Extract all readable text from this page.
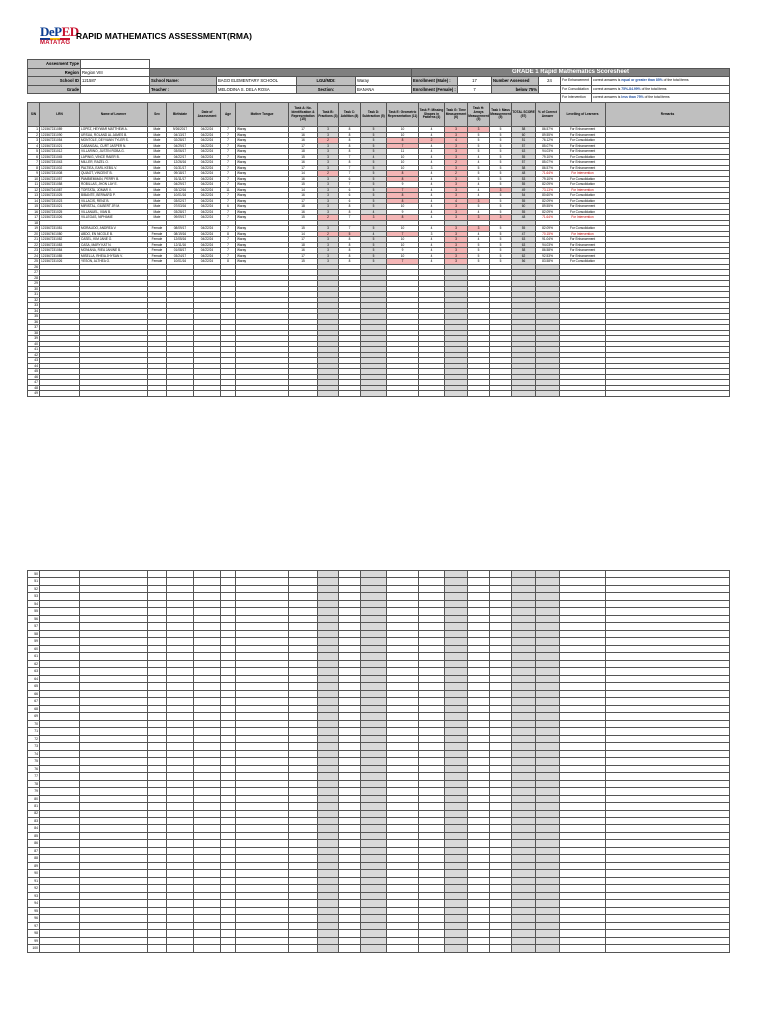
DePED
MATATAG
RAPID MATHEMATICS ASSESSMENT(RMA)
Assesment Type											
Region	Region VIII					GRADE 1 Rapid Mathematics Scoresheet					
School ID	121587	School Name:	BAGO ELEMENTARY SCHOOL	LGU/MDI:	Waray	Enrollment (Male) :	17	Number Assessed	24	For Enhancement	correct answers is equal or greater than 85% of the total items
Grade		Teacher :	MELODINA S. DELA ROSA	Section:	BANANA	Enrollment (Female) :	7	below 75%		For Consolidation	correct answers is 75%-84.99% of the total items
										For Intervention	correct answers is less than 75% of the total items
S/N	LRN	Name of Learner	Sex	Birthdate	Date of Assessment	Age	Mother Tongue	Task A: No. Identification & Representation (15)	Task B: Fractions (3)	Task C: Addition (8)	Task D: Subtraction (5)	Task E: Geometric Representation (11)	Task F: Missing Shapes in Patterns (4)	Task G: Time Measurement (6)	Task H: Arrays Measurement (5)	Task I: Mass Measurement (5)	TOTAL SCORE (57)	% of Correct Answer	Levelling of Learners	Remarks
1	121567231089	LOPEZ, HEYWAR MATTHEW A.	Male	9/26/2017	04/22/24	7	Waray	17	3	8	5	10	4	3	3	5	58	86.57%	For Enhancement	
2	121567231090	URSUA, ROLAND AL JAMES B.	Male	04/13/17	04/22/24	7	Waray	16	3	8	5	10	4	3	5	5	60	89.55%	For Enhancement	
3	121567231054	MONTOLE, DEYVANN TYLER S.	Male	02/28/17	04/22/24	7	Waray	16	2	8	5	8	2	4	5	5	51	76.12%	For Consolidation	
4	121567231021	CABANGAL, CURT JASPER N.	Male	04/29/17	04/22/24	7	Waray	17	3	8	5	7	4	3	5	5	57	85.07%	For Enhancement	
5	121567231012	VILLARINO, JUSTIN ROBA G.	Male	03/06/17	04/22/24	7	Waray	18	3	8	5	11	4	3	5	5	63	94.03%	For Enhancement	
6	121567231045	LAPINIG, VINCE RAIER B.	Male	04/22/17	04/22/24	7	Waray	15	3	7	4	10	4	3	4	5	55	79.10%	For Consolidation	
7	121567231043	MILLER, RAZEL O.	Male	12/26/16	04/22/24	7	Waray	16	3	8	5	10	4	2	4	5	57	85.07%	For Enhancement	
8	121567231002	PALTIEA, EARL KEBIL V.	Male	01/31/17	04/22/24	7	Waray	17	3	7	5	10	3	3	5	5	58	86.57%	For Enhancement	
9	121567231008	QUIAOT, VINCENT B.	Male	09/18/17	04/22/24	7	Waray	14	2	7	5	8	4	2	5	5	48	71.64%	For Intervention	
10	121567231057	PAMBIEMMAN, PERRY B.	Male	01/11/17	04/22/24	7	Waray	16	3	6	5	8	4	3	5	5	53	79.10%	For Consolidation	
11	121567231058	ROBILLAS, JHON LAY E.	Male	04/29/17	04/22/24	7	Waray	15	3	7	5	9	4	3	4	5	55	82.09%	For Consolidation	
12	121567241087	TORTATA, JOMAR V.	Male	03/12/16	04/22/24	11	Waray	14	3	6	5	7	4	3	4	3	49	73.13%	For Intervention	
13	121567231025	BIBANTE, BERNARD P.	Male	10/01/16	04/22/24	7	Waray	16	3	6	5	8	4	3	4	5	54	80.60%	For Consolidation	
14	121567231023	VILLACIS, RENZ B.	Male	03/02/17	04/22/24	7	Waray	17	3	6	5	8	4	4	3	5	55	82.09%	For Consolidation	
15	121567231021	MIRISTAL, GILBERT JR M.	Male	07/03/16	04/22/24	6	Waray	18	3	8	5	10	4	3	5	5	60	89.55%	For Enhancement	
16	121567231025	VILLANUEL, IVAN B.	Male	03/28/17	04/22/24	7	Waray	16	3	8	4	9	4	3	4	5	55	82.09%	For Consolidation	
17	121567231026	VILLEGAS, NIPHAME	Male	09/09/17	04/22/24	7	Waray	15	2	7	3	8	4	3	3	3	48	71.64%	For Intervention	
18																				
19	121567231081	MORALIDO, ANDREA V.	Female	08/09/17	04/22/24	7	Waray	15	3	7	5	10	4	3	3	5	55	82.09%	For Consolidation	
20	121567401080	ABDO, EN NICOLE B.	Female	08/19/16	04/22/24	8	Waray	14	2	5	4	7	3	3	4	5	47	70.15%	For Intervention	
21	121567231082	CASEL, KIM JANE O.	Female	12/05/16	04/22/24	7	Waray	17	3	8	5	10	4	3	4	5	63	91.04%	For Enhancement	
22	121567231083	CASA, MARY KAT N.	Female	12/11/16	04/22/24	7	Waray	18	3	8	5	10	4	3	5	5	63	94.03%	For Enhancement	
23	121567231084	MONIANA, RIEA JANINE B.	Female	01/08/17	04/22/24	7	Waray	16	3	8	5	9	4	3	5	5	58	86.58%	For Enhancement	
24	121567231085	MISELLA, RHEIA JHYSAN V.	Female	03/24/17	04/22/24	7	Waray	17	3	8	5	10	4	3	5	5	62	92.53%	For Enhancement	
25	121567231026	YESON, ALTHEA O.	Female	10/01/16	04/22/24	8	Waray	15	3	8	5	7	4	3	5	5	56	83.58%	For Consolidation	
26																				
27																				
28																				
29																				
30																				
31																				
32																				
33																				
34																				
35																				
36																				
37																				
38																				
39																				
40																				
41																				
42																				
43																				
44																				
45																				
46																				
47																				
48																				
49																				
50																				
51																				
52																				
53																				
54																				
55																				
56																				
57																				
58																				
59																				
60																				
61																				
62																				
63																				
64																				
65																				
66																				
67																				
68																				
69																				
70																				
71																				
72																				
73																				
74																				
75																				
76																				
77																				
78																				
79																				
80																				
81																				
82																				
83																				
84																				
85																				
86																				
87																				
88																				
89																				
90																				
91																				
92																				
93																				
94																				
95																				
96																				
97																				
98																				
99																				
100																				
